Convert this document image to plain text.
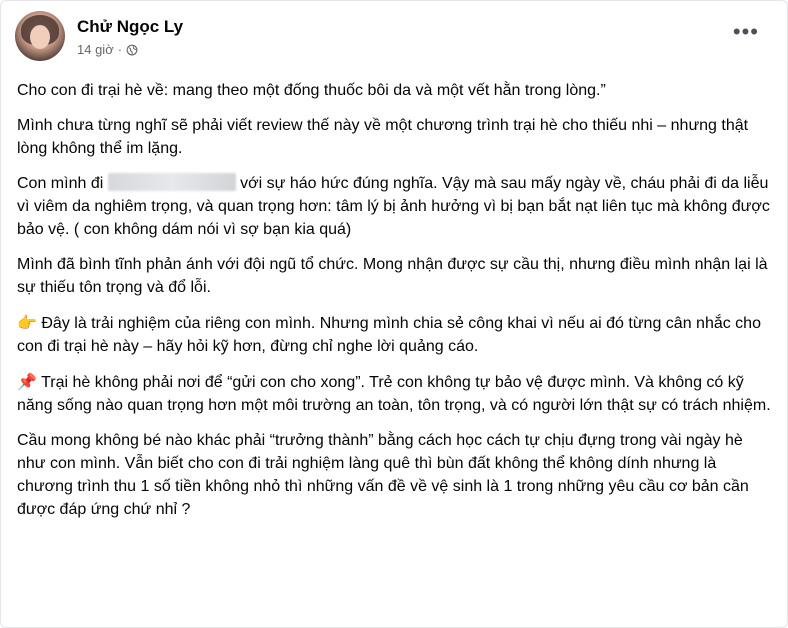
Chử Ngọc Ly
14 giờ ·
•••

Cho con đi trại hè về: mang theo một đống thuốc bôi da và một vết hằn trong lòng.”

Mình chưa từng nghĩ sẽ phải viết review thế này về một chương trình trại hè cho thiếu nhi – nhưng thật lòng không thể im lặng.

Con mình đi	với sự háo hức đúng nghĩa. Vậy mà sau mấy ngày về, cháu phải đi da liễu vì viêm da nghiêm trọng, và quan trọng hơn: tâm lý bị ảnh hưởng vì bị bạn bắt nạt liên tục mà không được bảo vệ. ( con không dám nói vì sợ bạn kia quá)

Mình đã bình tĩnh phản ánh với đội ngũ tổ chức. Mong nhận được sự cầu thị, nhưng điều mình nhận lại là sự thiếu tôn trọng và đổ lỗi.

👉 Đây là trải nghiệm của riêng con mình. Nhưng mình chia sẻ công khai vì nếu ai đó từng cân nhắc cho con đi trại hè này – hãy hỏi kỹ hơn, đừng chỉ nghe lời quảng cáo.

📌 Trại hè không phải nơi để “gửi con cho xong”. Trẻ con không tự bảo vệ được mình. Và không có kỹ năng sống nào quan trọng hơn một môi trường an toàn, tôn trọng, và có người lớn thật sự có trách nhiệm.

Cầu mong không bé nào khác phải “trưởng thành” bằng cách học cách tự chịu đựng trong vài ngày hè như con mình. Vẫn biết cho con đi trải nghiệm làng quê thì bùn đất không thể không dính nhưng là chương trình thu 1 số tiền không nhỏ thì những vấn đề về vệ sinh là 1 trong những yêu cầu cơ bản cần được đáp ứng chứ nhỉ ?
